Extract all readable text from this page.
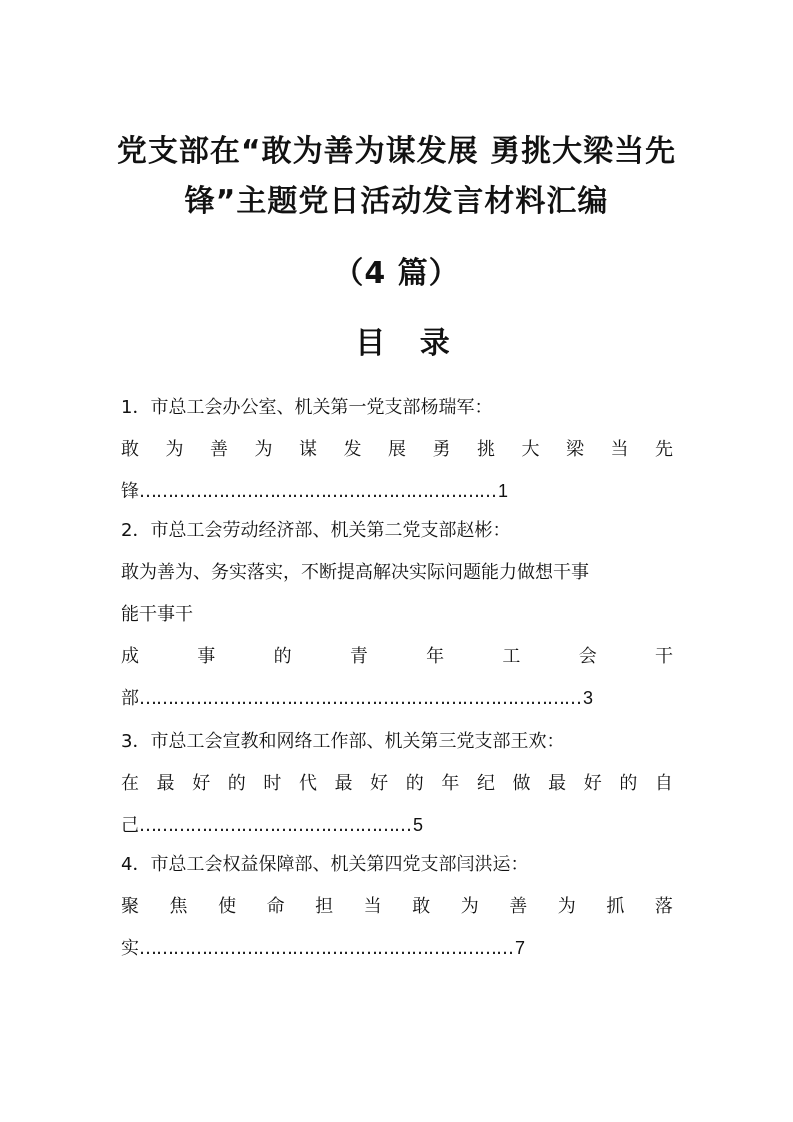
党支部在“敢为善为谋发展 勇挑大梁当先
锋”主题党日活动发言材料汇编
（4 篇）
目 录
1．市总工会办公室、机关第一党支部杨瑞军：
敢 为 善 为 谋 发 展 勇 挑 大 梁 当 先
锋……………………………………………………… 1
2．市总工会劳动经济部、机关第二党支部赵彬：
敢为善为、务实落实，不断提高解决实际问题能力做想干事
能干事干
成	事	的	青	年	工	会	干
部…………………………………………………………………… 3
3．市总工会宣教和网络工作部、机关第三党支部王欢：
在 最 好 的 时 代 最 好 的 年 纪 做 最 好 的 自
己………………………………………… 5
4．市总工会权益保障部、机关第四党支部闫洪运：
聚 焦 使 命 担 当 敢 为 善 为 抓 落
实………………………………………………………… 7
